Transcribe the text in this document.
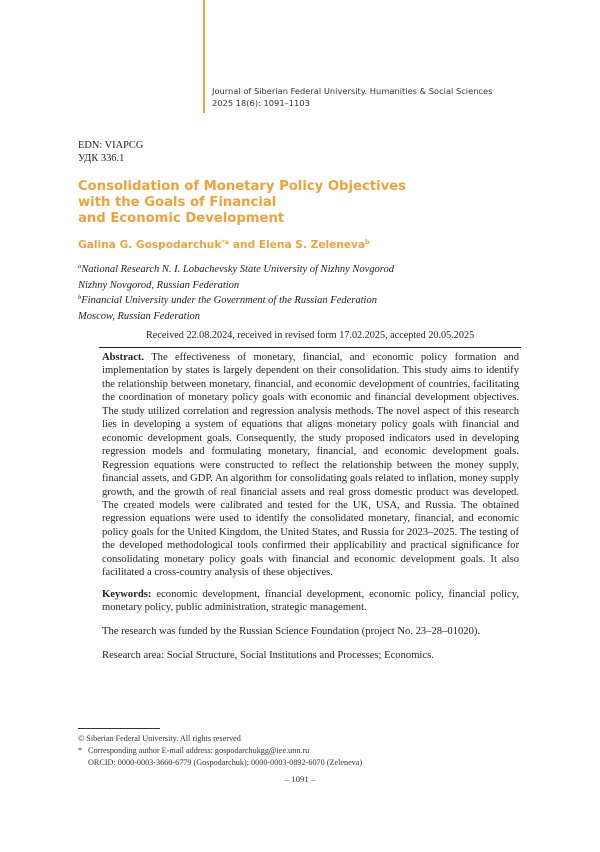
Journal of Siberian Federal University. Humanities & Social Sciences
2025 18(6): 1091–1103
EDN: VIAPCG
УДК 336.1
Consolidation of Monetary Policy Objectives
with the Goals of Financial
and Economic Development
Galina G. Gospodarchuk$^{*a}$ and Elena S. Zeleneva$^b$
$^a$National Research N. I. Lobachevsky State University of Nizhny Novgorod
Nizhny Novgorod, Russian Federation
$^b$Financial University under the Government of the Russian Federation
Moscow, Russian Federation
Received 22.08.2024, received in revised form 17.02.2025, accepted 20.05.2025

Abstract. The effectiveness of monetary, financial, and economic policy formation and implementation by states is largely dependent on their consolidation. This study aims to identify the relationship between monetary, financial, and economic development of countries, facilitating the coordination of monetary policy goals with economic and financial development objectives. The study utilized correlation and regression analysis methods. The novel aspect of this research lies in developing a system of equations that aligns monetary policy goals with financial and economic development goals. Consequently, the study proposed indicators used in developing regression models and formulating monetary, financial, and economic development goals. Regression equations were constructed to reflect the relationship between the money supply, financial assets, and GDP. An algorithm for consolidating goals related to inflation, money supply growth, and the growth of real financial assets and real gross domestic product was developed. The created models were calibrated and tested for the UK, USA, and Russia. The obtained regression equations were used to identify the consolidated monetary, financial, and economic policy goals for the United Kingdom, the United States, and Russia for 2023–2025. The testing of the developed methodological tools confirmed their applicability and practical significance for consolidating monetary policy goals with financial and economic development goals. It also facilitated a cross-country analysis of these objectives.

Keywords: economic development, financial development, economic policy, financial policy, monetary policy, public administration, strategic management.

The research was funded by the Russian Science Foundation (project No. 23–28–01020).

Research area: Social Structure, Social Institutions and Processes; Economics.

© Siberian Federal University. All rights reserved
* Corresponding author E-mail address: gospodarchukgg@iee.unn.ru
ORCID: 0000-0003-3660-6779 (Gospodarchuk); 0000-0003-0892-6070 (Zeleneva)
– 1091 –
